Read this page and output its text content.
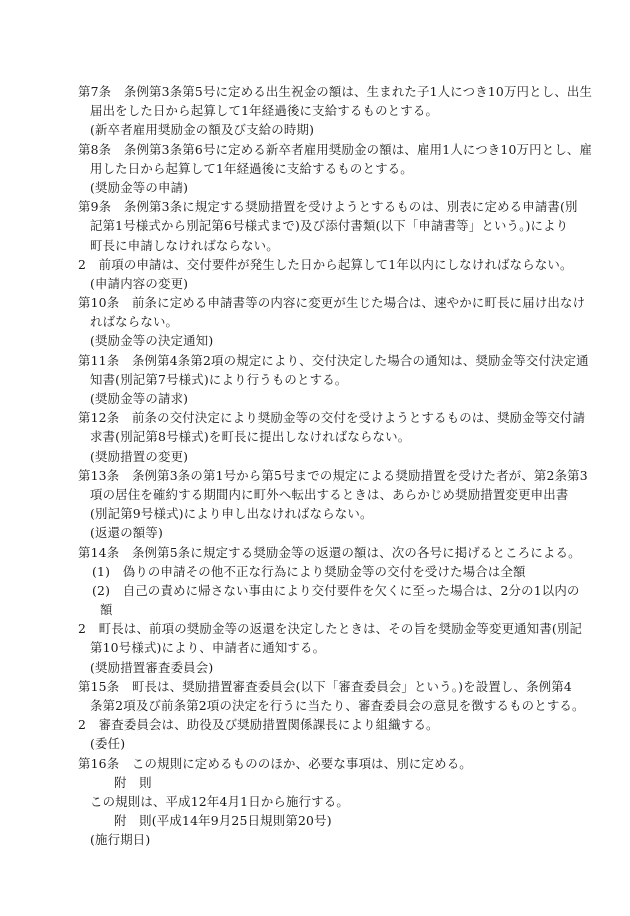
第7条　条例第3条第5号に定める出生祝金の額は、生まれた子1人につき10万円とし、出生
届出をした日から起算して1年経過後に支給するものとする。
(新卒者雇用奨励金の額及び支給の時期)
第8条　条例第3条第6号に定める新卒者雇用奨励金の額は、雇用1人につき10万円とし、雇
用した日から起算して1年経過後に支給するものとする。
(奨励金等の申請)
第9条　条例第3条に規定する奨励措置を受けようとするものは、別表に定める申請書(別
記第1号様式から別記第6号様式まで)及び添付書類(以下「申請書等」という。)により
町長に申請しなければならない。
2　前項の申請は、交付要件が発生した日から起算して1年以内にしなければならない。
(申請内容の変更)
第10条　前条に定める申請書等の内容に変更が生じた場合は、速やかに町長に届け出なけ
ればならない。
(奨励金等の決定通知)
第11条　条例第4条第2項の規定により、交付決定した場合の通知は、奨励金等交付決定通
知書(別記第7号様式)により行うものとする。
(奨励金等の請求)
第12条　前条の交付決定により奨励金等の交付を受けようとするものは、奨励金等交付請
求書(別記第8号様式)を町長に提出しなければならない。
(奨励措置の変更)
第13条　条例第3条の第1号から第5号までの規定による奨励措置を受けた者が、第2条第3
項の居住を確約する期間内に町外へ転出するときは、あらかじめ奨励措置変更申出書
(別記第9号様式)により申し出なければならない。
(返還の額等)
第14条　条例第5条に規定する奨励金等の返還の額は、次の各号に掲げるところによる。
(1)　偽りの申請その他不正な行為により奨励金等の交付を受けた場合は全額
(2)　自己の責めに帰さない事由により交付要件を欠くに至った場合は、2分の1以内の
額
2　町長は、前項の奨励金等の返還を決定したときは、その旨を奨励金等変更通知書(別記
第10号様式)により、申請者に通知する。
(奨励措置審査委員会)
第15条　町長は、奨励措置審査委員会(以下「審査委員会」という。)を設置し、条例第4
条第2項及び前条第2項の決定を行うに当たり、審査委員会の意見を徴するものとする。
2　審査委員会は、助役及び奨励措置関係課長により組織する。
(委任)
第16条　この規則に定めるもののほか、必要な事項は、別に定める。
附　則
この規則は、平成12年4月1日から施行する。
附　則(平成14年9月25日規則第20号)
(施行期日)
